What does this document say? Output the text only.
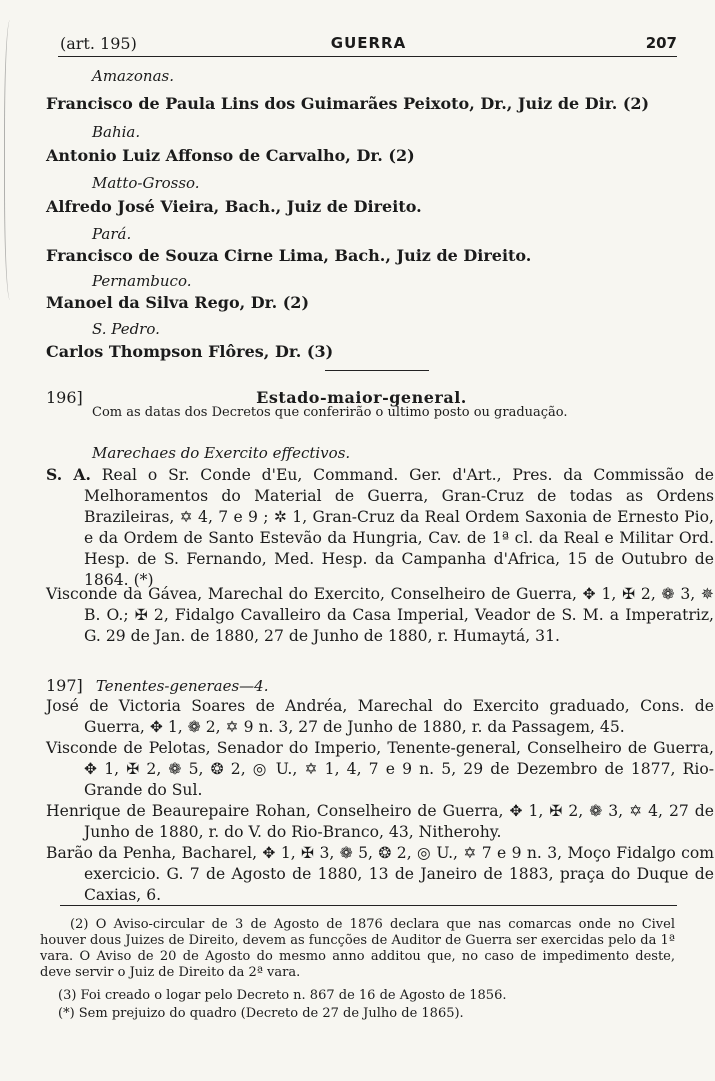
(art. 195)	GUERRA	207
Amazonas.
Francisco de Paula Lins dos Guimarães Peixoto, Dr., Juiz de Dir. (2)
Bahia.
Antonio Luiz Affonso de Carvalho, Dr. (2)
Matto-Grosso.
Alfredo José Vieira, Bach., Juiz de Direito.
Pará.
Francisco de Souza Cirne Lima, Bach., Juiz de Direito.
Pernambuco.
Manoel da Silva Rego, Dr. (2)
S. Pedro.
Carlos Thompson Flôres, Dr. (3)
196]	Estado-maior-general.
Com as datas dos Decretos que conferirão o ultimo posto ou graduação.
Marechaes do Exercito effectivos.
S. A. Real o Sr. Conde d'Eu, Command. Ger. d'Art., Pres. da Commissão de Melhoramentos do Material de Guerra, Gran-Cruz de todas as Ordens Brazileiras, ✡ 4, 7 e 9 ; ✲ 1, Gran-Cruz da Real Ordem Saxonia de Ernesto Pio, e da Ordem de Santo Estevão da Hungria, Cav. de 1ª cl. da Real e Militar Ord. Hesp. de S. Fernando, Med. Hesp. da Campanha d'Africa, 15 de Outubro de 1864. (*)
Visconde da Gávea, Marechal do Exercito, Conselheiro de Guerra, ✥ 1, ✠ 2, ❁ 3, ✵ B. O.; ✠ 2, Fidalgo Cavalleiro da Casa Imperial, Veador de S. M. a Imperatriz, G. 29 de Jan. de 1880, 27 de Junho de 1880, r. Humaytá, 31.
197] Tenentes-generaes—4.
José de Victoria Soares de Andréa, Marechal do Exercito graduado, Cons. de Guerra, ✥ 1, ❁ 2, ✡ 9 n. 3, 27 de Junho de 1880, r. da Passagem, 45.
Visconde de Pelotas, Senador do Imperio, Tenente-general, Conselheiro de Guerra, ✥ 1, ✠ 2, ❁ 5, ❂ 2, ◎ U., ✡ 1, 4, 7 e 9 n. 5, 29 de Dezembro de 1877, Rio-Grande do Sul.
Henrique de Beaurepaire Rohan, Conselheiro de Guerra, ✥ 1, ✠ 2, ❁ 3, ✡ 4, 27 de Junho de 1880, r. do V. do Rio-Branco, 43, Nitherohy.
Barão da Penha, Bacharel, ✥ 1, ✠ 3, ❁ 5, ❂ 2, ◎ U., ✡ 7 e 9 n. 3, Moço Fidalgo com exercicio. G. 7 de Agosto de 1880, 13 de Janeiro de 1883, praça do Duque de Caxias, 6.
(2) O Aviso-circular de 3 de Agosto de 1876 declara que nas comarcas onde no Civel houver dous Juizes de Direito, devem as funcções de Auditor de Guerra ser exercidas pelo da 1ª vara. O Aviso de 20 de Agosto do mesmo anno additou que, no caso de impedimento deste, deve servir o Juiz de Direito da 2ª vara.
(3) Foi creado o logar pelo Decreto n. 867 de 16 de Agosto de 1856.
(*) Sem prejuizo do quadro (Decreto de 27 de Julho de 1865).
